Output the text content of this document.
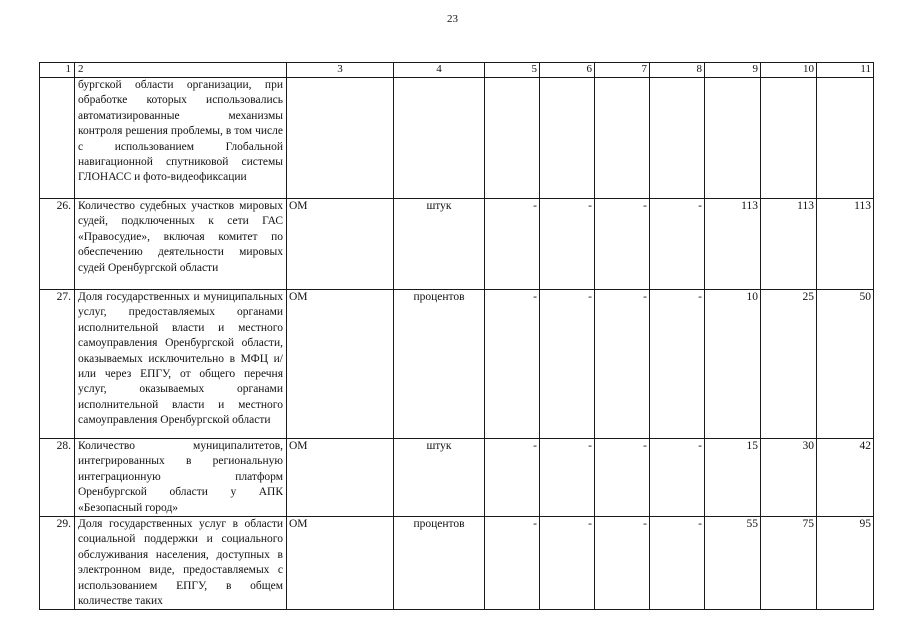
23
1	2	3	4	5	6	7	8	9	10	11
	бургской области организации, при обработке которых использовались автоматизированные механизмы контроля решения проблемы, в том числе с использованием Глобальной навигационной спутниковой системы ГЛОНАСС и фото-видеофиксации									
26.	Количество судебных участков мировых судей, подключенных к сети ГАС «Правосудие», включая комитет по обеспечению деятельности мировых судей Оренбургской области	ОМ	штук	-	-	-	-	113	113	113
27.	Доля государственных и муниципальных услуг, предоставляемых органами исполнительной власти и местного самоуправления Оренбургской области, оказываемых исключительно в МФЦ и/или через ЕПГУ, от общего перечня услуг, оказываемых органами исполнительной власти и местного самоуправления Оренбургской области	ОМ	процентов	-	-	-	-	10	25	50
28.	Количество муниципалитетов, интегрированных в региональную интеграционную платформ Оренбургской области у АПК «Безопасный город»	ОМ	штук	-	-	-	-	15	30	42
29.	Доля государственных услуг в области социальной поддержки и социального обслуживания населения, доступных в электронном виде, предоставляемых с использованием ЕПГУ, в общем количестве таких	ОМ	процентов	-	-	-	-	55	75	95
